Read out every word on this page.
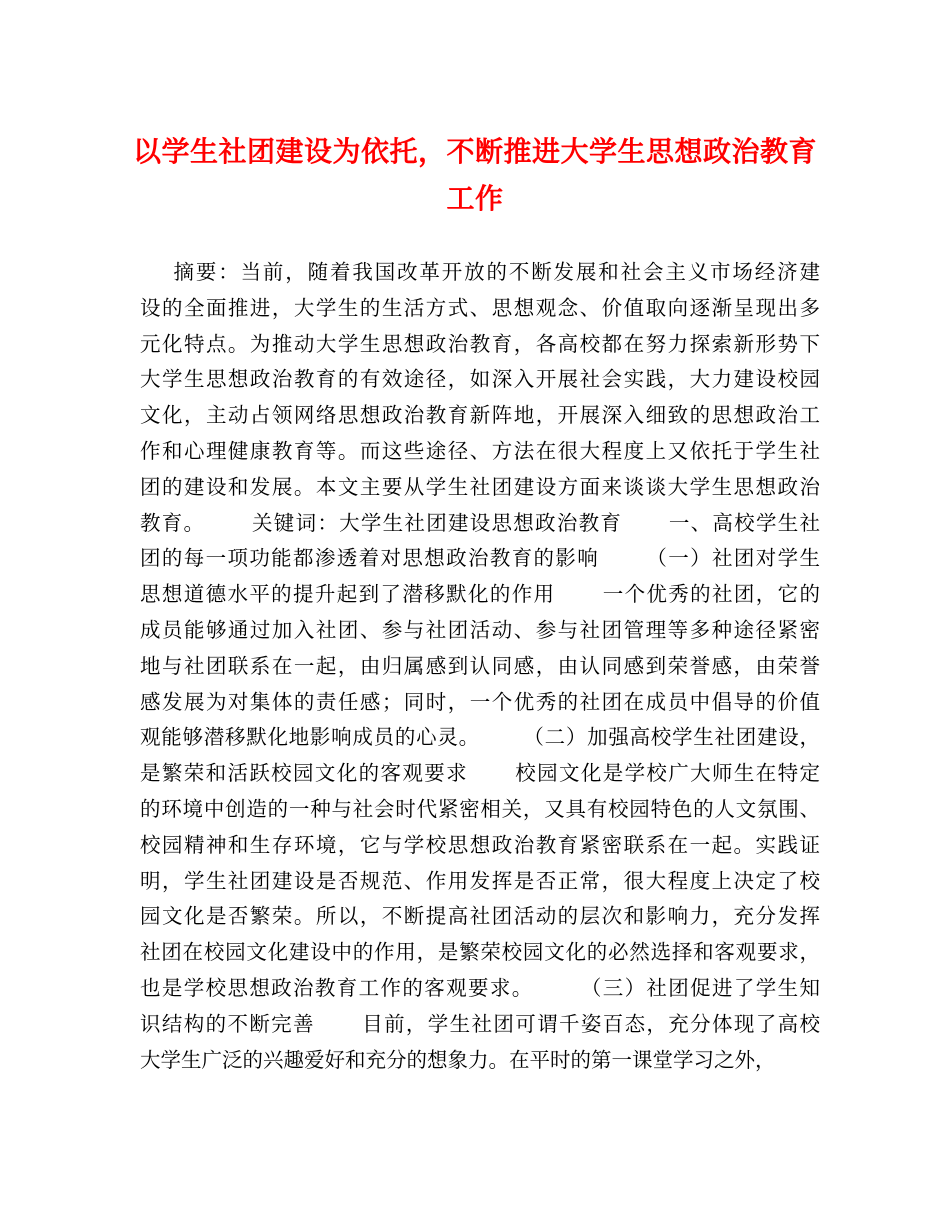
以学生社团建设为依托，不断推进大学生思想政治教育
工作
摘要：当前，随着我国改革开放的不断发展和社会主义市场经济建
设的全面推进，大学生的生活方式、思想观念、价值取向逐渐呈现出多
元化特点。为推动大学生思想政治教育，各高校都在努力探索新形势下
大学生思想政治教育的有效途径，如深入开展社会实践，大力建设校园
文化，主动占领网络思想政治教育新阵地，开展深入细致的思想政治工
作和心理健康教育等。而这些途径、方法在很大程度上又依托于学生社
团的建设和发展。本文主要从学生社团建设方面来谈谈大学生思想政治
教育。      关键词：大学生社团建设思想政治教育      一、高校学生社
团的每一项功能都渗透着对思想政治教育的影响      （一）社团对学生
思想道德水平的提升起到了潜移默化的作用      一个优秀的社团，它的
成员能够通过加入社团、参与社团活动、参与社团管理等多种途径紧密
地与社团联系在一起，由归属感到认同感，由认同感到荣誉感，由荣誉
感发展为对集体的责任感；同时，一个优秀的社团在成员中倡导的价值
观能够潜移默化地影响成员的心灵。      （二）加强高校学生社团建设，
是繁荣和活跃校园文化的客观要求      校园文化是学校广大师生在特定
的环境中创造的一种与社会时代紧密相关，又具有校园特色的人文氛围、
校园精神和生存环境，它与学校思想政治教育紧密联系在一起。实践证
明，学生社团建设是否规范、作用发挥是否正常，很大程度上决定了校
园文化是否繁荣。所以，不断提高社团活动的层次和影响力，充分发挥
社团在校园文化建设中的作用，是繁荣校园文化的必然选择和客观要求，
也是学校思想政治教育工作的客观要求。      （三）社团促进了学生知
识结构的不断完善      目前，学生社团可谓千姿百态，充分体现了高校
大学生广泛的兴趣爱好和充分的想象力。在平时的第一课堂学习之外，
